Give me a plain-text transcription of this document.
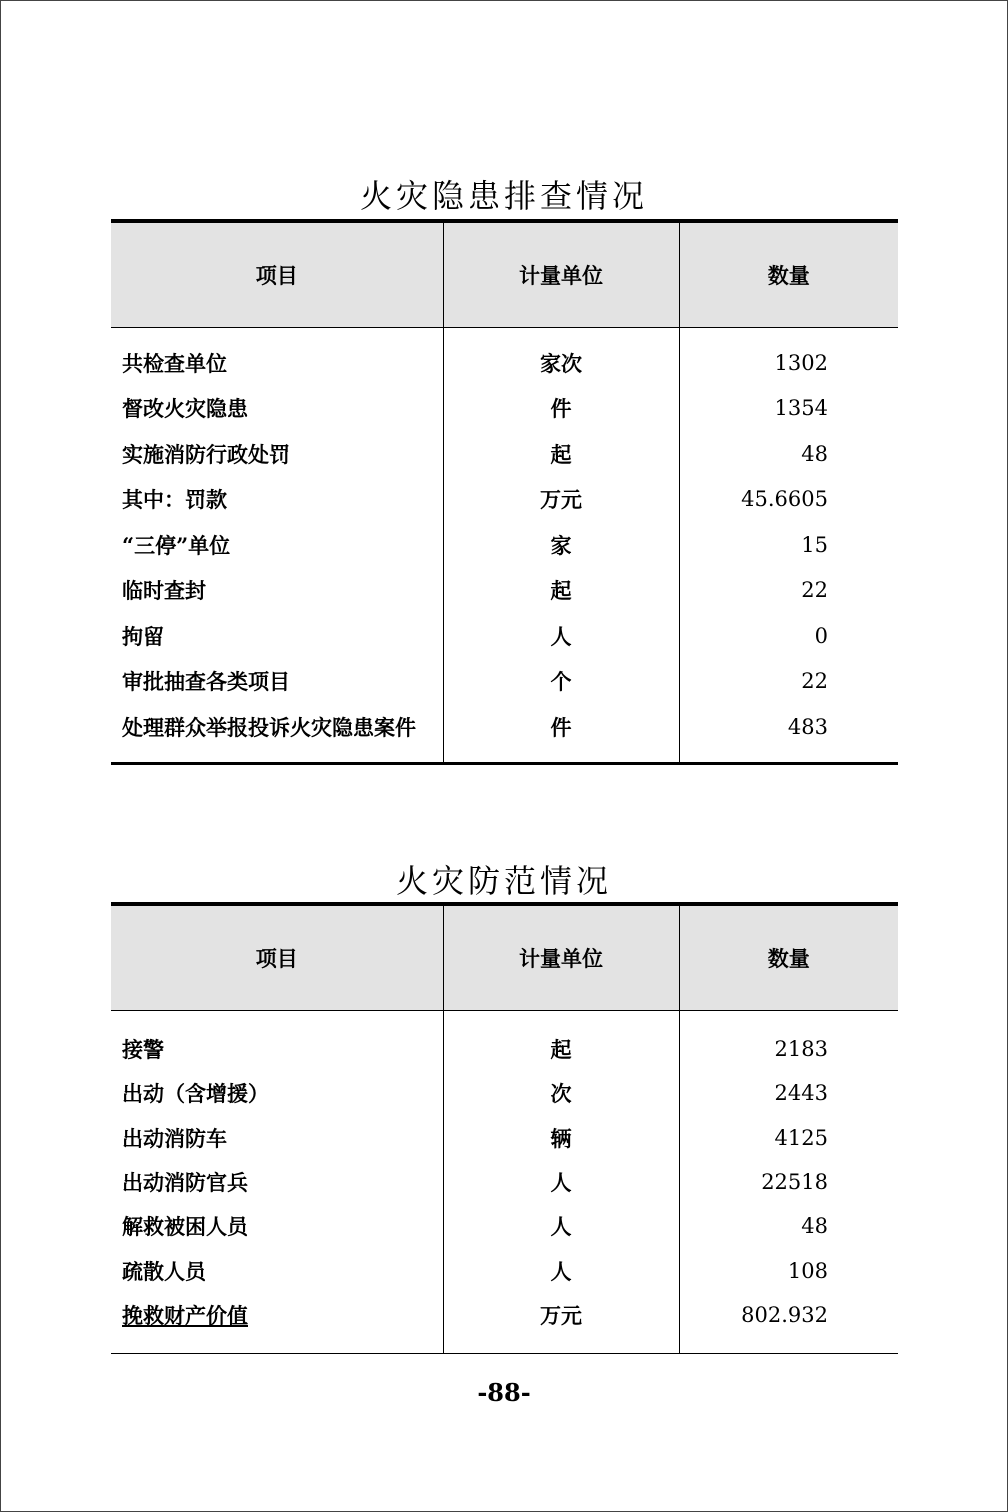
火灾隐患排查情况
项目	计量单位	数量
共检查单位	家次	1302
督改火灾隐患	件	1354
实施消防行政处罚	起	48
其中：罚款	万元	45.6605
“三停”单位	家	15
临时查封	起	22
拘留	人	0
审批抽查各类项目	个	22
处理群众举报投诉火灾隐患案件	件	483
火灾防范情况
项目	计量单位	数量
接警	起	2183
出动（含增援）	次	2443
出动消防车	辆	4125
出动消防官兵	人	22518
解救被困人员	人	48
疏散人员	人	108
挽救财产价值	万元	802.932
-88-
